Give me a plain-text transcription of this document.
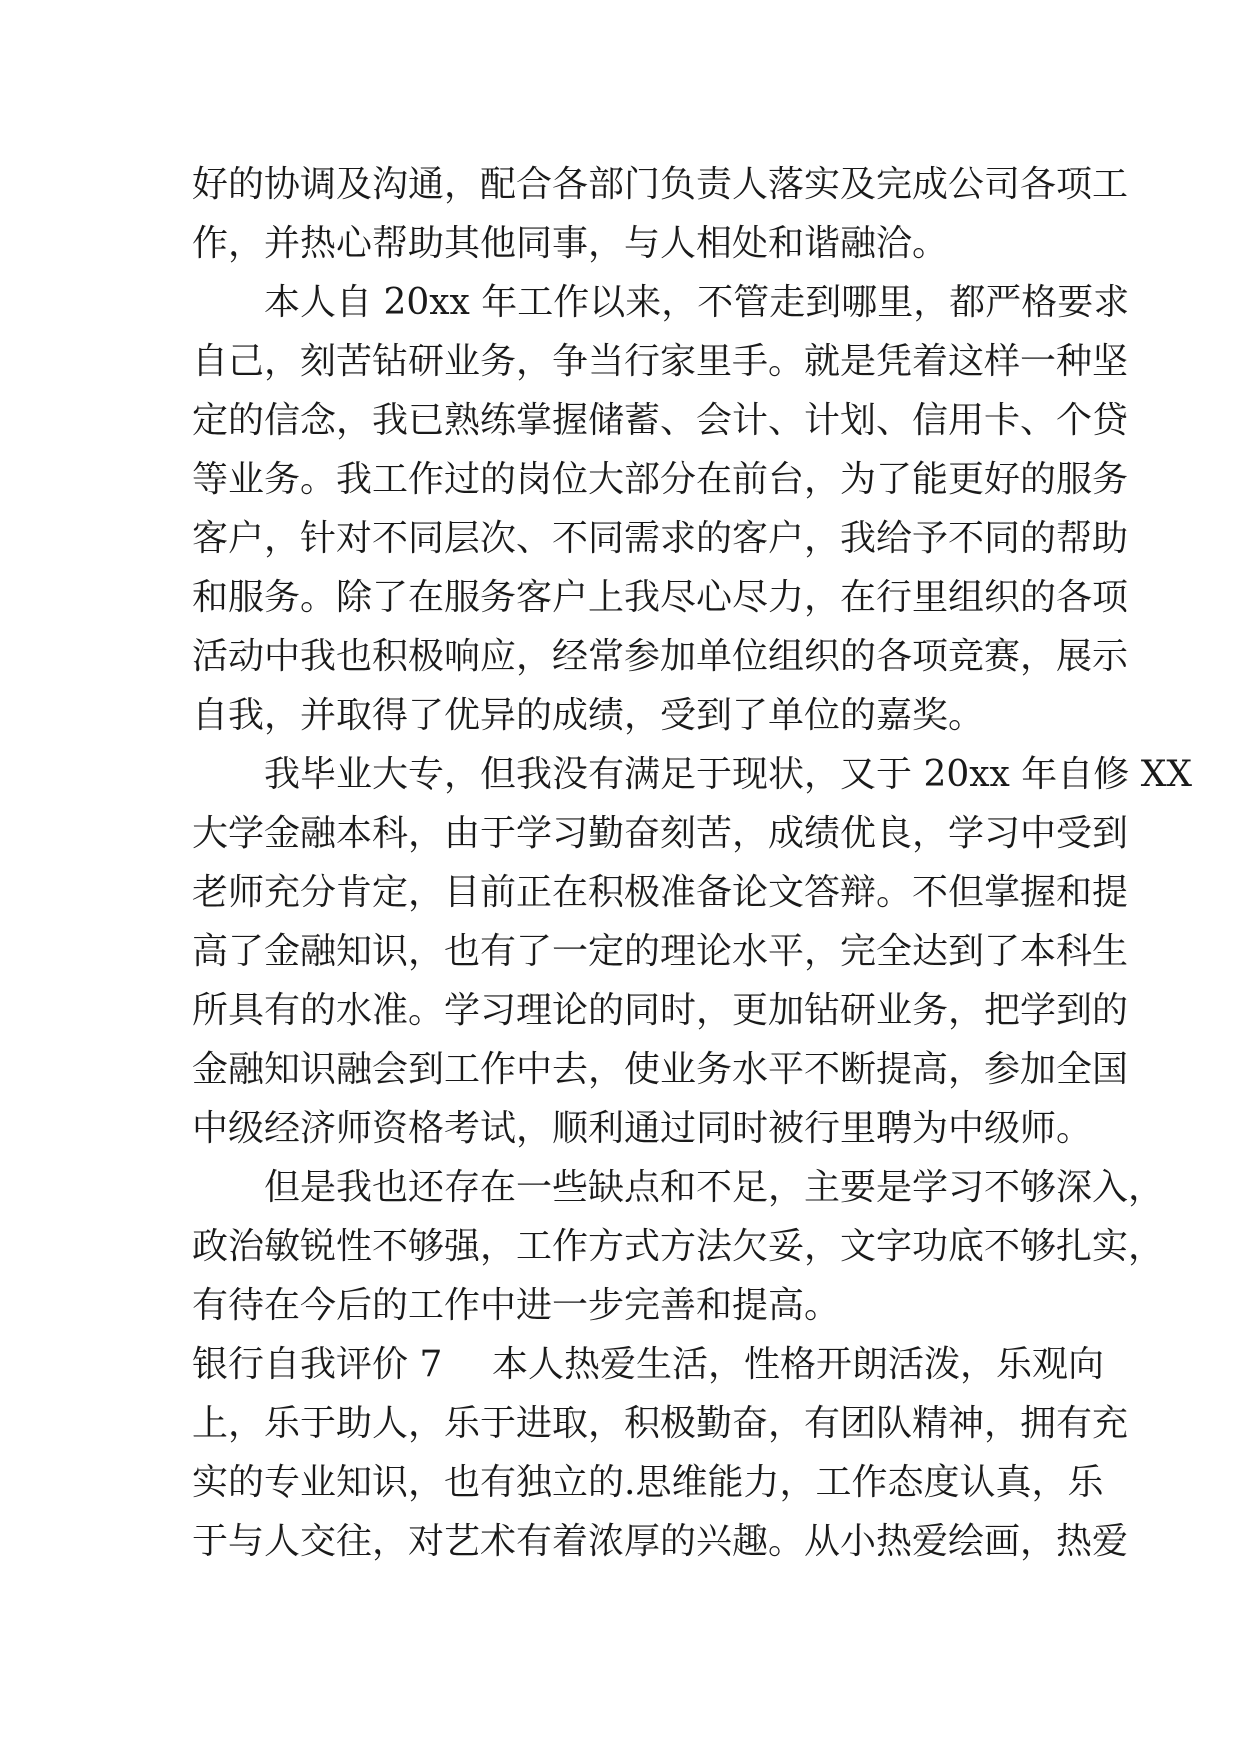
好的协调及沟通，配合各部门负责人落实及完成公司各项工
作，并热心帮助其他同事，与人相处和谐融洽。
本人自 20xx 年工作以来，不管走到哪里，都严格要求
自己，刻苦钻研业务，争当行家里手。就是凭着这样一种坚
定的信念，我已熟练掌握储蓄、会计、计划、信用卡、个贷
等业务。我工作过的岗位大部分在前台，为了能更好的服务
客户，针对不同层次、不同需求的客户，我给予不同的帮助
和服务。除了在服务客户上我尽心尽力，在行里组织的各项
活动中我也积极响应，经常参加单位组织的各项竞赛，展示
自我，并取得了优异的成绩，受到了单位的嘉奖。
我毕业大专，但我没有满足于现状，又于 20xx 年自修 XX
大学金融本科，由于学习勤奋刻苦，成绩优良，学习中受到
老师充分肯定，目前正在积极准备论文答辩。不但掌握和提
高了金融知识，也有了一定的理论水平，完全达到了本科生
所具有的水准。学习理论的同时，更加钻研业务，把学到的
金融知识融会到工作中去，使业务水平不断提高，参加全国
中级经济师资格考试，顺利通过同时被行里聘为中级师。
但是我也还存在一些缺点和不足，主要是学习不够深入，
政治敏锐性不够强，工作方式方法欠妥，文字功底不够扎实，
有待在今后的工作中进一步完善和提高。
银行自我评价 7 本人热爱生活，性格开朗活泼，乐观向
上，乐于助人，乐于进取，积极勤奋，有团队精神，拥有充
实的专业知识，也有独立的.思维能力，工作态度认真，乐
于与人交往，对艺术有着浓厚的兴趣。从小热爱绘画，热爱
